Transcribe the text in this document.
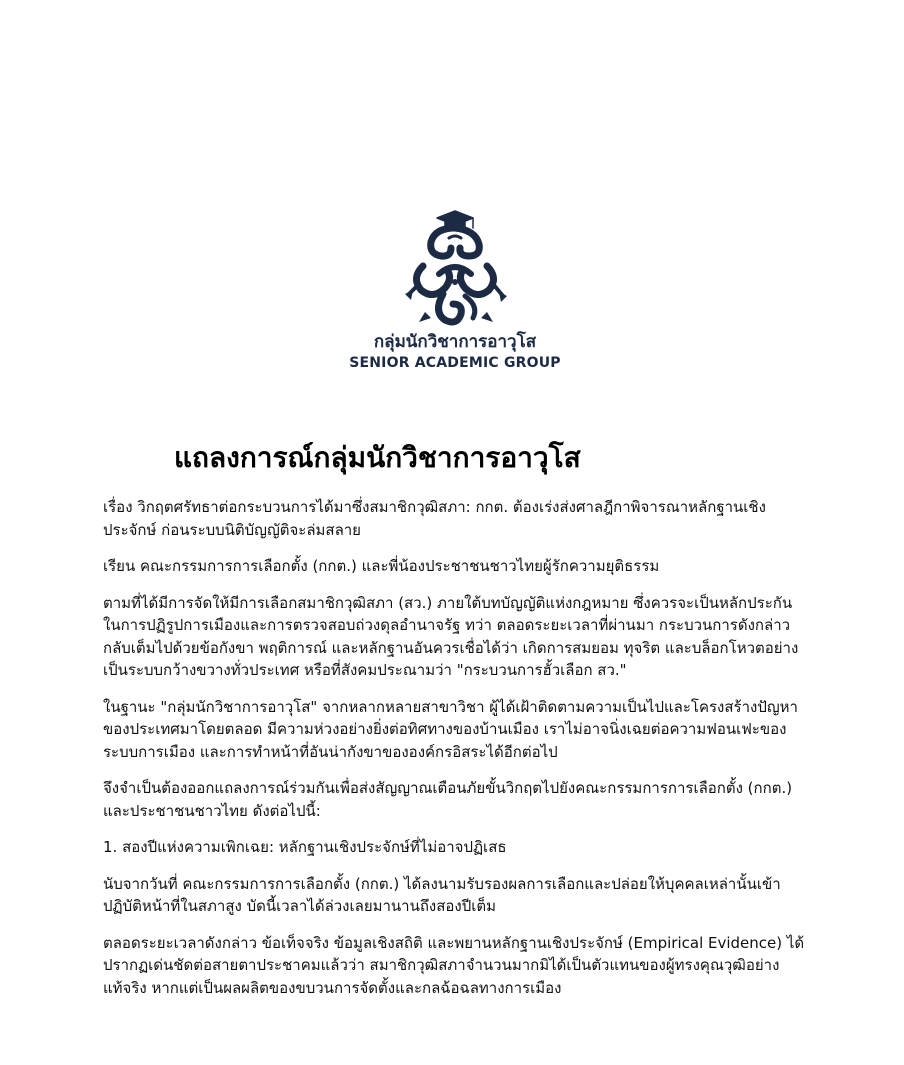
กลุ่มนักวิชาการอาวุโส
SENIOR ACADEMIC GROUP
แถลงการณ์กลุ่มนักวิชาการอาวุโส

เรื่อง วิกฤตศรัทธาต่อกระบวนการได้มาซึ่งสมาชิกวุฒิสภา: กกต. ต้องเร่งส่งศาลฎีกาพิจารณาหลักฐานเชิงประจักษ์ ก่อนระบบนิติบัญญัติจะล่มสลาย

เรียน คณะกรรมการการเลือกตั้ง (กกต.) และพี่น้องประชาชนชาวไทยผู้รักความยุติธรรม

ตามที่ได้มีการจัดให้มีการเลือกสมาชิกวุฒิสภา (สว.) ภายใต้บทบัญญัติแห่งกฎหมาย ซึ่งควรจะเป็นหลักประกันในการปฏิรูปการเมืองและการตรวจสอบถ่วงดุลอำนาจรัฐ ทว่า ตลอดระยะเวลาที่ผ่านมา กระบวนการดังกล่าวกลับเต็มไปด้วยข้อกังขา พฤติการณ์ และหลักฐานอันควรเชื่อได้ว่า เกิดการสมยอม ทุจริต และบล็อกโหวตอย่างเป็นระบบกว้างขวางทั่วประเทศ หรือที่สังคมประณามว่า "กระบวนการฮั้วเลือก สว."

ในฐานะ "กลุ่มนักวิชาการอาวุโส" จากหลากหลายสาขาวิชา ผู้ได้เฝ้าติดตามความเป็นไปและโครงสร้างปัญหาของประเทศมาโดยตลอด มีความห่วงอย่างยิ่งต่อทิศทางของบ้านเมือง เราไม่อาจนิ่งเฉยต่อความฟอนเฟะของระบบการเมือง และการทำหน้าที่อันน่ากังขาขององค์กรอิสระได้อีกต่อไป

จึงจำเป็นต้องออกแถลงการณ์ร่วมกันเพื่อส่งสัญญาณเตือนภัยขั้นวิกฤตไปยังคณะกรรมการการเลือกตั้ง (กกต.) และประชาชนชาวไทย ดังต่อไปนี้:

1. สองปีแห่งความเพิกเฉย: หลักฐานเชิงประจักษ์ที่ไม่อาจปฏิเสธ

นับจากวันที่ คณะกรรมการการเลือกตั้ง (กกต.) ได้ลงนามรับรองผลการเลือกและปล่อยให้บุคคลเหล่านั้นเข้าปฏิบัติหน้าที่ในสภาสูง บัดนี้เวลาได้ล่วงเลยมานานถึงสองปีเต็ม

ตลอดระยะเวลาดังกล่าว ข้อเท็จจริง ข้อมูลเชิงสถิติ และพยานหลักฐานเชิงประจักษ์ (Empirical Evidence) ได้ปรากฏเด่นชัดต่อสายตาประชาคมแล้วว่า สมาชิกวุฒิสภาจำนวนมากมิได้เป็นตัวแทนของผู้ทรงคุณวุฒิอย่างแท้จริง หากแต่เป็นผลผลิตของขบวนการจัดตั้งและกลฉ้อฉลทางการเมือง
